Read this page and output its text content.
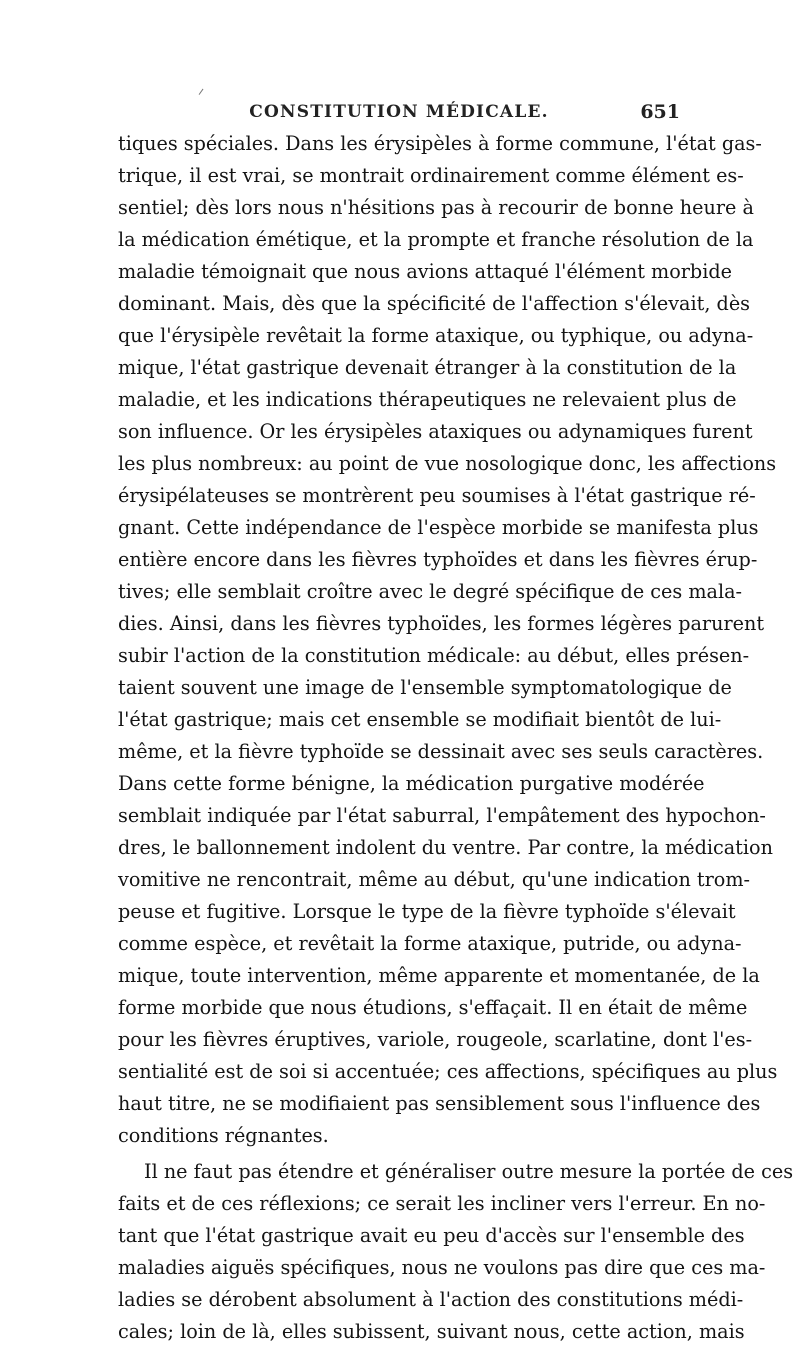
CONSTITUTION MÉDICALE.	651
tiques spéciales. Dans les érysipèles à forme commune, l'état gas-
trique, il est vrai, se montrait ordinairement comme élément es-
sentiel; dès lors nous n'hésitions pas à recourir de bonne heure à
la médication émétique, et la prompte et franche résolution de la
maladie témoignait que nous avions attaqué l'élément morbide
dominant. Mais, dès que la spécificité de l'affection s'élevait, dès
que l'érysipèle revêtait la forme ataxique, ou typhique, ou adyna-
mique, l'état gastrique devenait étranger à la constitution de la
maladie, et les indications thérapeutiques ne relevaient plus de
son influence. Or les érysipèles ataxiques ou adynamiques furent
les plus nombreux: au point de vue nosologique donc, les affections
érysipélateuses se montrèrent peu soumises à l'état gastrique ré-
gnant. Cette indépendance de l'espèce morbide se manifesta plus
entière encore dans les fièvres typhoïdes et dans les fièvres érup-
tives; elle semblait croître avec le degré spécifique de ces mala-
dies. Ainsi, dans les fièvres typhoïdes, les formes légères parurent
subir l'action de la constitution médicale: au début, elles présen-
taient souvent une image de l'ensemble symptomatologique de
l'état gastrique; mais cet ensemble se modifiait bientôt de lui-
même, et la fièvre typhoïde se dessinait avec ses seuls caractères.
Dans cette forme bénigne, la médication purgative modérée
semblait indiquée par l'état saburral, l'empâtement des hypochon-
dres, le ballonnement indolent du ventre. Par contre, la médication
vomitive ne rencontrait, même au début, qu'une indication trom-
peuse et fugitive. Lorsque le type de la fièvre typhoïde s'élevait
comme espèce, et revêtait la forme ataxique, putride, ou adyna-
mique, toute intervention, même apparente et momentanée, de la
forme morbide que nous étudions, s'effaçait. Il en était de même
pour les fièvres éruptives, variole, rougeole, scarlatine, dont l'es-
sentialité est de soi si accentuée; ces affections, spécifiques au plus
haut titre, ne se modifiaient pas sensiblement sous l'influence des
conditions régnantes.
Il ne faut pas étendre et généraliser outre mesure la portée de ces
faits et de ces réflexions; ce serait les incliner vers l'erreur. En no-
tant que l'état gastrique avait eu peu d'accès sur l'ensemble des
maladies aiguës spécifiques, nous ne voulons pas dire que ces ma-
ladies se dérobent absolument à l'action des constitutions médi-
cales; loin de là, elles subissent, suivant nous, cette action, mais
